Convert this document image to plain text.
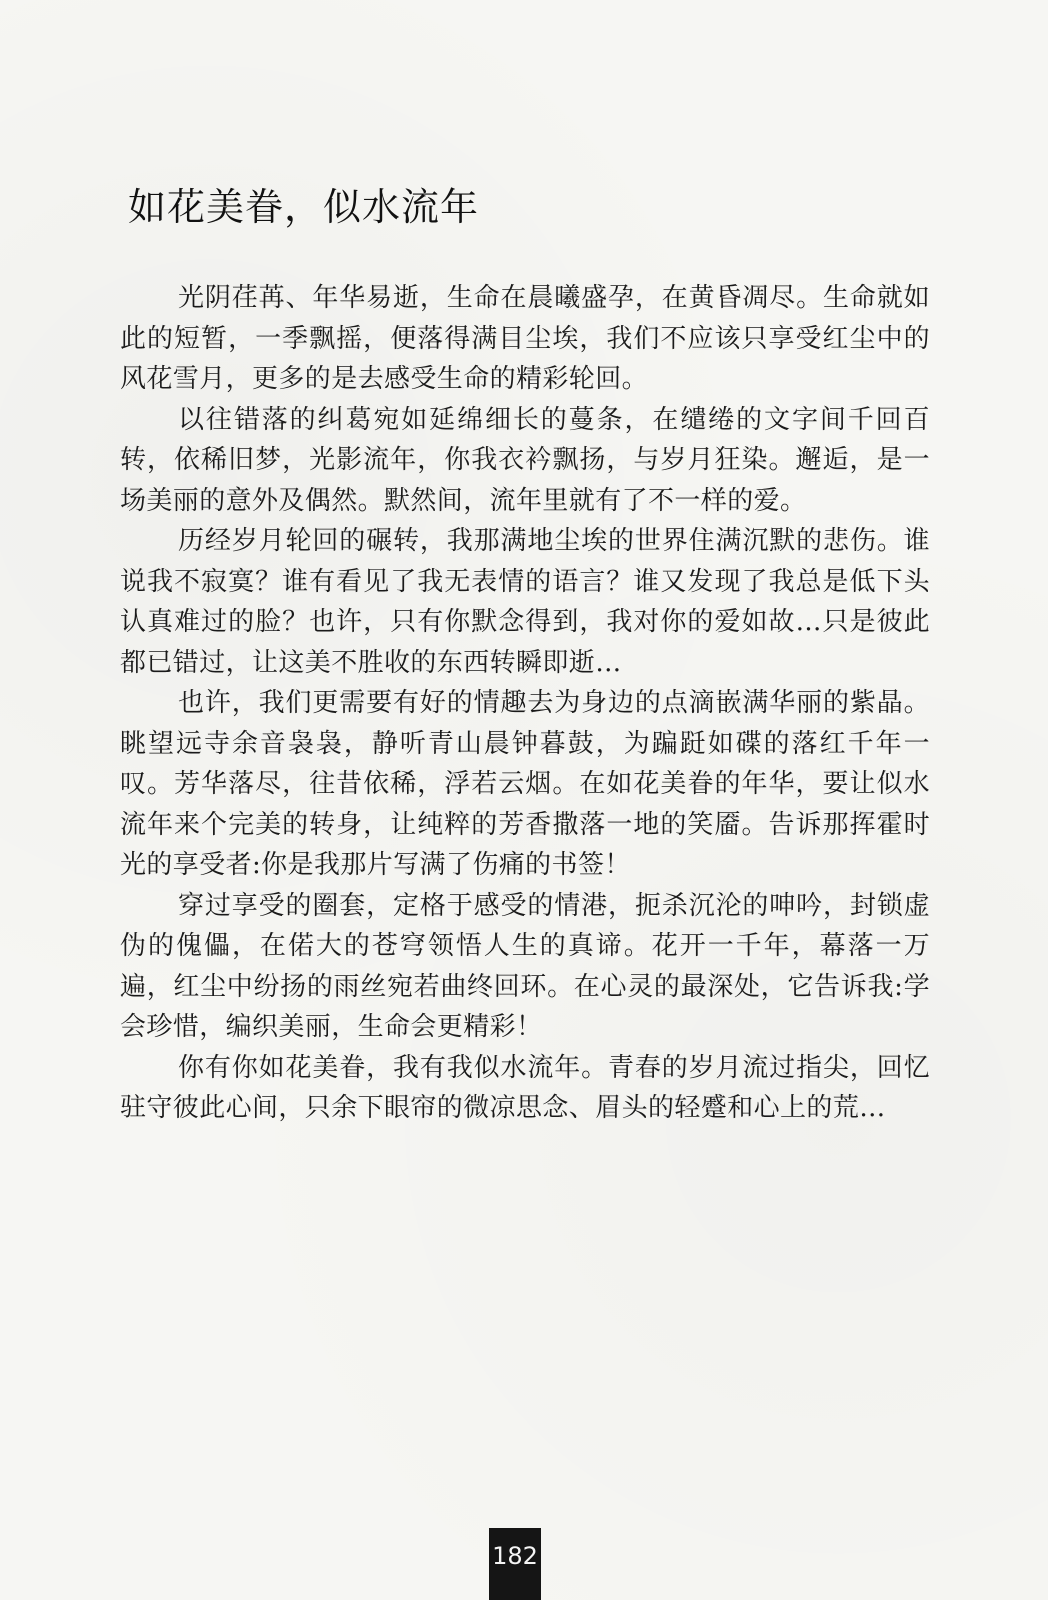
如花美眷，似水流年

光阴荏苒、年华易逝，生命在晨曦盛孕，在黄昏凋尽。生命就如此的短暂，一季飘摇，便落得满目尘埃，我们不应该只享受红尘中的风花雪月，更多的是去感受生命的精彩轮回。

以往错落的纠葛宛如延绵细长的蔓条，在缱绻的文字间千回百转，依稀旧梦，光影流年，你我衣衿飘扬，与岁月狂染。邂逅，是一场美丽的意外及偶然。默然间，流年里就有了不一样的爱。

历经岁月轮回的碾转，我那满地尘埃的世界住满沉默的悲伤。谁说我不寂寞？谁有看见了我无表情的语言？谁又发现了我总是低下头认真难过的脸？也许，只有你默念得到，我对你的爱如故…只是彼此都已错过，让这美不胜收的东西转瞬即逝…

也许，我们更需要有好的情趣去为身边的点滴嵌满华丽的紫晶。眺望远寺余音袅袅，静听青山晨钟暮鼓，为蹁跹如碟的落红千年一叹。芳华落尽，往昔依稀，浮若云烟。在如花美眷的年华，要让似水流年来个完美的转身，让纯粹的芳香撒落一地的笑靥。告诉那挥霍时光的享受者:你是我那片写满了伤痛的书签！

穿过享受的圈套，定格于感受的情港，扼杀沉沦的呻吟，封锁虚伪的傀儡，在偌大的苍穹领悟人生的真谛。花开一千年，幕落一万遍，红尘中纷扬的雨丝宛若曲终回环。在心灵的最深处，它告诉我:学会珍惜，编织美丽，生命会更精彩！

你有你如花美眷，我有我似水流年。青春的岁月流过指尖，回忆驻守彼此心间，只余下眼帘的微凉思念、眉头的轻蹙和心上的荒…

182
